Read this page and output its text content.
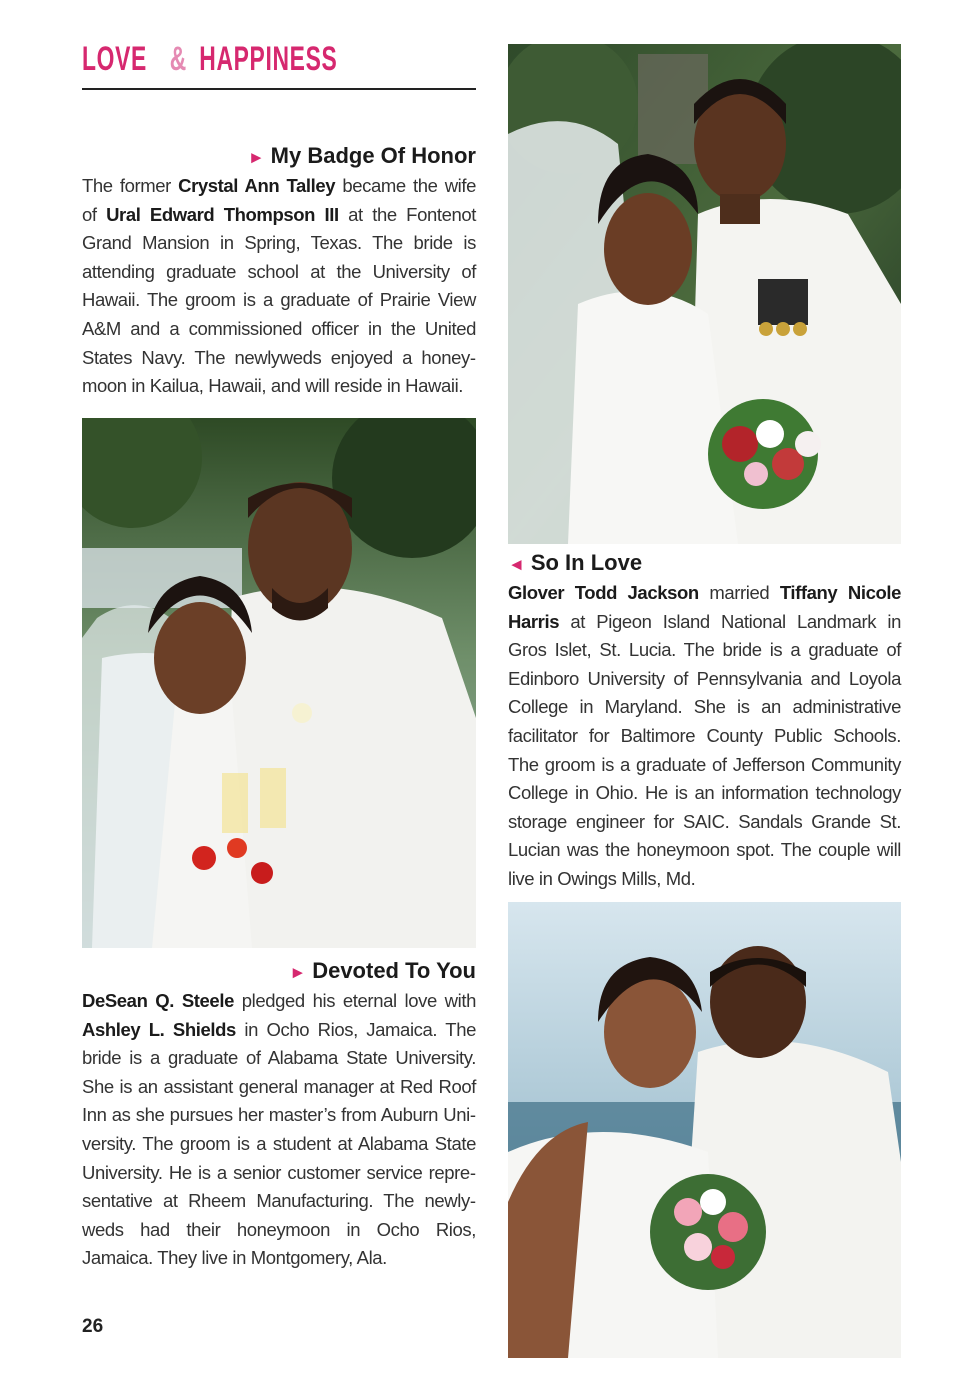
LOVE & HAPPINESS
► My Badge Of Honor
The former Crystal Ann Talley became the wife of Ural Edward Thompson III at the Fontenot Grand Mansion in Spring, Texas. The bride is attending graduate school at the University of Hawaii. The groom is a graduate of Prairie View A&M and a commissioned officer in the United States Navy. The newlyweds enjoyed a honeymoon in Kailua, Hawaii, and will reside in Hawaii.
◄ So In Love
Glover Todd Jackson married Tiffany Nicole Harris at Pigeon Island National Landmark in Gros Islet, St. Lucia. The bride is a graduate of Edinboro University of Pennsylvania and Loyola College in Maryland. She is an administrative facilitator for Baltimore County Public Schools. The groom is a graduate of Jefferson Community College in Ohio. He is an information technology storage engineer for SAIC. Sandals Grande St. Lucian was the honeymoon spot. The couple will live in Owings Mills, Md.
► Devoted To You
DeSean Q. Steele pledged his eternal love with Ashley L. Shields in Ocho Rios, Jamaica. The bride is a graduate of Alabama State University. She is an assistant general manager at Red Roof Inn as she pursues her master’s from Auburn University. The groom is a student at Alabama State University. He is a senior customer service representative at Rheem Manufacturing. The newlyweds had their honeymoon in Ocho Rios, Jamaica. They live in Montgomery, Ala.
26
